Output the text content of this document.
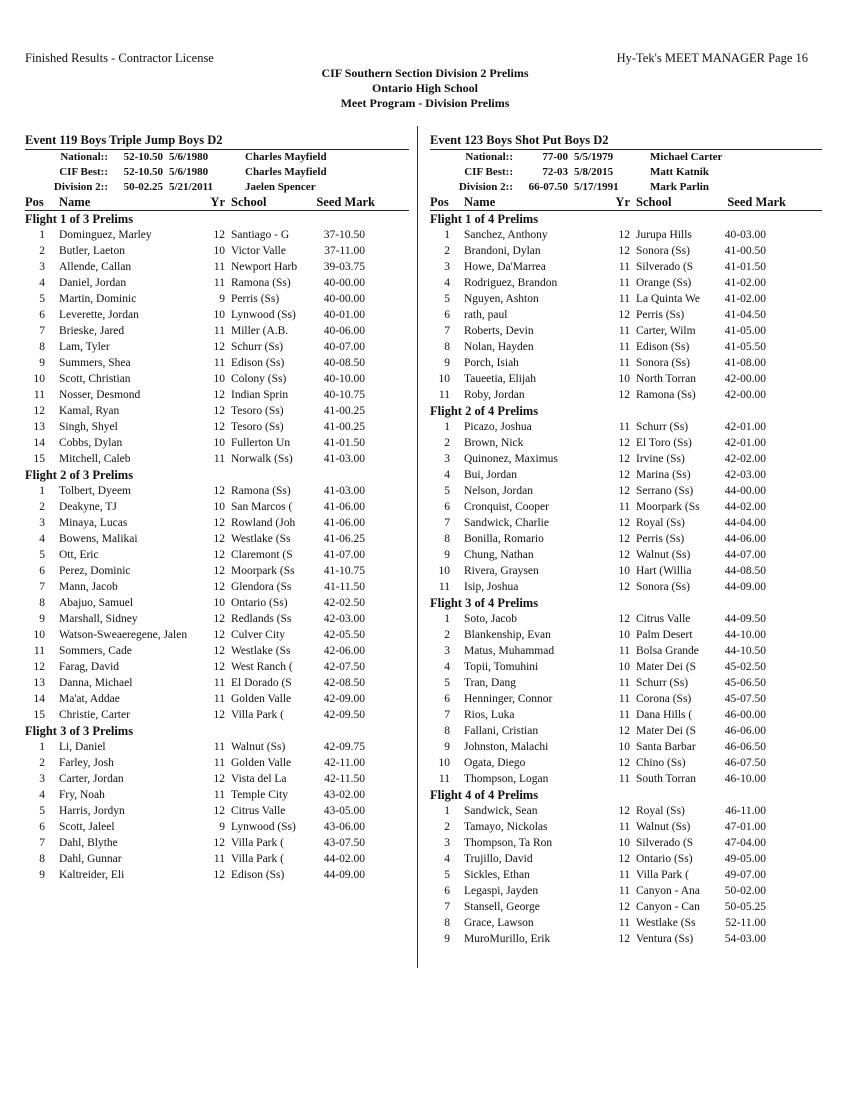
Finished Results - Contractor License	Hy-Tek's MEET MANAGER Page 16
CIF Southern Section Division 2 Prelims
Ontario High School
Meet Program - Division Prelims
Event 119 Boys Triple Jump Boys D2
National::	52-10.50 5/6/1980	Charles Mayfield
CIF Best::	52-10.50 5/6/1980	Charles Mayfield
Division 2::	50-02.25 5/21/2011	Jaelen Spencer
Pos	Name	Yr School	Seed Mark
Flight 1 of 3 Prelims
1	Dominguez, Marley	12 Santiago - G	37-10.50
2	Butler, Laeton	10 Victor Valle	37-11.00
3	Allende, Callan	11 Newport Harb	39-03.75
4	Daniel, Jordan	11 Ramona (Ss)	40-00.00
5	Martin, Dominic	9 Perris (Ss)	40-00.00
6	Leverette, Jordan	10 Lynwood (Ss)	40-01.00
7	Brieske, Jared	11 Miller (A.B.	40-06.00
8	Lam, Tyler	12 Schurr (Ss)	40-07.00
9	Summers, Shea	11 Edison (Ss)	40-08.50
10	Scott, Christian	10 Colony (Ss)	40-10.00
11	Nosser, Desmond	12 Indian Sprin	40-10.75
12	Kamal, Ryan	12 Tesoro (Ss)	41-00.25
13	Singh, Shyel	12 Tesoro (Ss)	41-00.25
14	Cobbs, Dylan	10 Fullerton Un	41-01.50
15	Mitchell, Caleb	11 Norwalk (Ss)	41-03.00
Flight 2 of 3 Prelims
1	Tolbert, Dyeem	12 Ramona (Ss)	41-03.00
2	Deakyne, TJ	10 San Marcos (	41-06.00
3	Minaya, Lucas	12 Rowland (Joh	41-06.00
4	Bowens, Malikai	12 Westlake (Ss	41-06.25
5	Ott, Eric	12 Claremont (S	41-07.00
6	Perez, Dominic	12 Moorpark (Ss	41-10.75
7	Mann, Jacob	12 Glendora (Ss	41-11.50
8	Abajuo, Samuel	10 Ontario (Ss)	42-02.50
9	Marshall, Sidney	12 Redlands (Ss	42-03.00
10	Watson-Sweaeregene, Jalen	12 Culver City	42-05.50
11	Sommers, Cade	12 Westlake (Ss	42-06.00
12	Farag, David	12 West Ranch (	42-07.50
13	Danna, Michael	11 El Dorado (S	42-08.50
14	Ma'at, Addae	11 Golden Valle	42-09.00
15	Christie, Carter	12 Villa Park (	42-09.50
Flight 3 of 3 Prelims
1	Li, Daniel	11 Walnut (Ss)	42-09.75
2	Farley, Josh	11 Golden Valle	42-11.00
3	Carter, Jordan	12 Vista del La	42-11.50
4	Fry, Noah	11 Temple City	43-02.00
5	Harris, Jordyn	12 Citrus Valle	43-05.00
6	Scott, Jaleel	9 Lynwood (Ss)	43-06.00
7	Dahl, Blythe	12 Villa Park (	43-07.50
8	Dahl, Gunnar	11 Villa Park (	44-02.00
9	Kaltreider, Eli	12 Edison (Ss)	44-09.00
Event 123 Boys Shot Put Boys D2
National::	77-00 5/5/1979	Michael Carter
CIF Best::	72-03 5/8/2015	Matt Katnik
Division 2::	66-07.50 5/17/1991	Mark Parlin
Pos	Name	Yr School	Seed Mark
Flight 1 of 4 Prelims
1	Sanchez, Anthony	12 Jurupa Hills	40-03.00
2	Brandoni, Dylan	12 Sonora (Ss)	41-00.50
3	Howe, Da'Marrea	11 Silverado (S	41-01.50
4	Rodriguez, Brandon	11 Orange (Ss)	41-02.00
5	Nguyen, Ashton	11 La Quinta We	41-02.00
6	rath, paul	12 Perris (Ss)	41-04.50
7	Roberts, Devin	11 Carter, Wilm	41-05.00
8	Nolan, Hayden	11 Edison (Ss)	41-05.50
9	Porch, Isiah	11 Sonora (Ss)	41-08.00
10	Taueetia, Elijah	10 North Torran	42-00.00
11	Roby, Jordan	12 Ramona (Ss)	42-00.00
Flight 2 of 4 Prelims
1	Picazo, Joshua	11 Schurr (Ss)	42-01.00
2	Brown, Nick	12 El Toro (Ss)	42-01.00
3	Quinonez, Maximus	12 Irvine (Ss)	42-02.00
4	Bui, Jordan	12 Marina (Ss)	42-03.00
5	Nelson, Jordan	12 Serrano (Ss)	44-00.00
6	Cronquist, Cooper	11 Moorpark (Ss	44-02.00
7	Sandwick, Charlie	12 Royal (Ss)	44-04.00
8	Bonilla, Romario	12 Perris (Ss)	44-06.00
9	Chung, Nathan	12 Walnut (Ss)	44-07.00
10	Rivera, Graysen	10 Hart (Willia	44-08.50
11	Isip, Joshua	12 Sonora (Ss)	44-09.00
Flight 3 of 4 Prelims
1	Soto, Jacob	12 Citrus Valle	44-09.50
2	Blankenship, Evan	10 Palm Desert	44-10.00
3	Matus, Muhammad	11 Bolsa Grande	44-10.50
4	Topii, Tomuhini	10 Mater Dei (S	45-02.50
5	Tran, Dang	11 Schurr (Ss)	45-06.50
6	Henninger, Connor	11 Corona (Ss)	45-07.50
7	Rios, Luka	11 Dana Hills (	46-00.00
8	Fallani, Cristian	12 Mater Dei (S	46-06.00
9	Johnston, Malachi	10 Santa Barbar	46-06.50
10	Ogata, Diego	12 Chino (Ss)	46-07.50
11	Thompson, Logan	11 South Torran	46-10.00
Flight 4 of 4 Prelims
1	Sandwick, Sean	12 Royal (Ss)	46-11.00
2	Tamayo, Nickolas	11 Walnut (Ss)	47-01.00
3	Thompson, Ta Ron	10 Silverado (S	47-04.00
4	Trujillo, David	12 Ontario (Ss)	49-05.00
5	Sickles, Ethan	11 Villa Park (	49-07.00
6	Legaspi, Jayden	11 Canyon - Ana	50-02.00
7	Stansell, George	12 Canyon - Can	50-05.25
8	Grace, Lawson	11 Westlake (Ss	52-11.00
9	MuroMurillo, Erik	12 Ventura (Ss)	54-03.00
